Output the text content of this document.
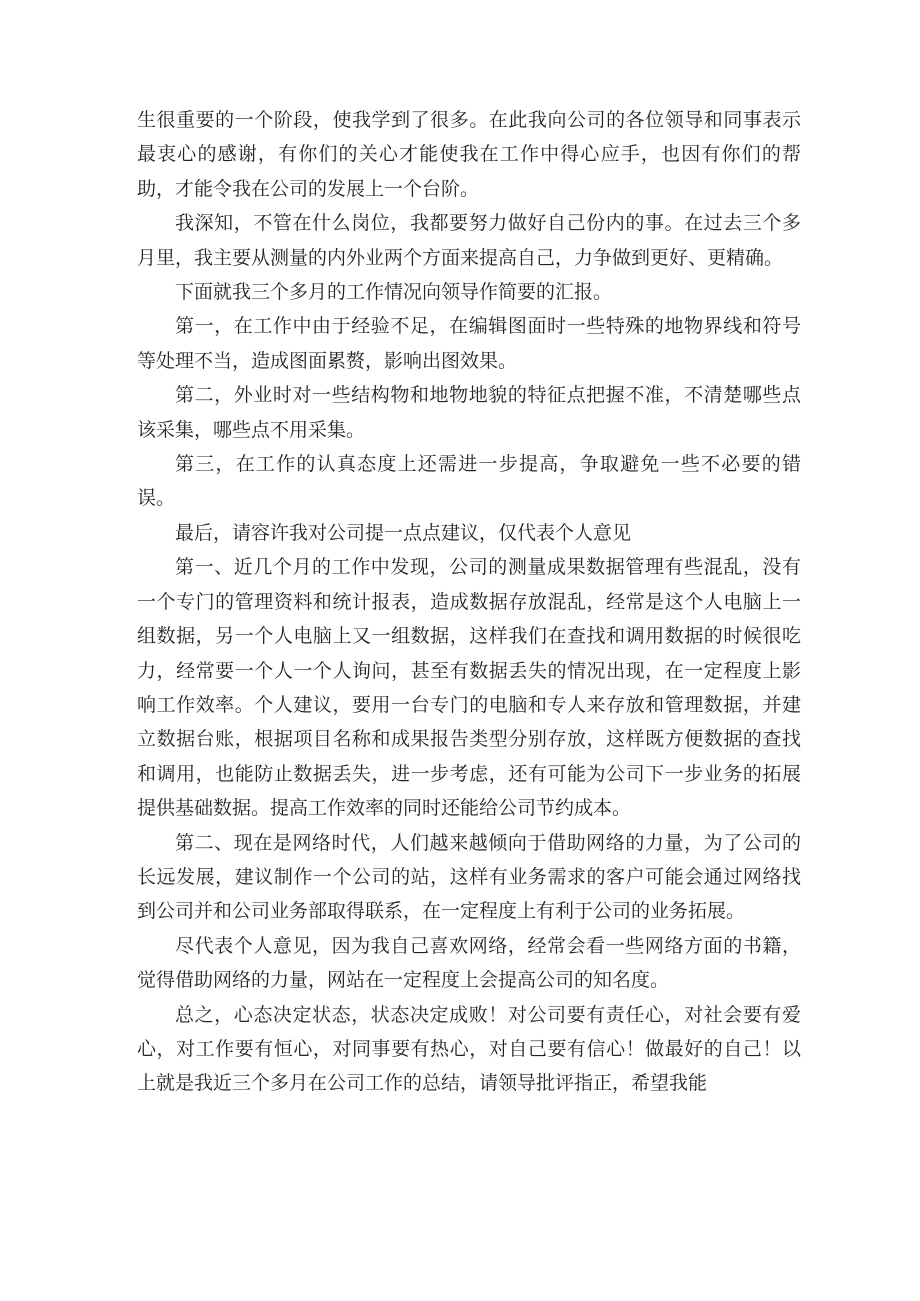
生很重要的一个阶段，使我学到了很多。在此我向公司的各位领导和同事表示最衷心的感谢，有你们的关心才能使我在工作中得心应手，也因有你们的帮助，才能令我在公司的发展上一个台阶。

我深知，不管在什么岗位，我都要努力做好自己份内的事。在过去三个多月里，我主要从测量的内外业两个方面来提高自己，力争做到更好、更精确。

下面就我三个多月的工作情况向领导作简要的汇报。

第一，在工作中由于经验不足，在编辑图面时一些特殊的地物界线和符号等处理不当，造成图面累赘，影响出图效果。

第二，外业时对一些结构物和地物地貌的特征点把握不准，不清楚哪些点该采集，哪些点不用采集。

第三，在工作的认真态度上还需进一步提高，争取避免一些不必要的错误。

最后，请容许我对公司提一点点建议，仅代表个人意见

第一、近几个月的工作中发现，公司的测量成果数据管理有些混乱，没有一个专门的管理资料和统计报表，造成数据存放混乱，经常是这个人电脑上一组数据，另一个人电脑上又一组数据，这样我们在查找和调用数据的时候很吃力，经常要一个人一个人询问，甚至有数据丢失的情况出现，在一定程度上影响工作效率。个人建议，要用一台专门的电脑和专人来存放和管理数据，并建立数据台账，根据项目名称和成果报告类型分别存放，这样既方便数据的查找和调用，也能防止数据丢失，进一步考虑，还有可能为公司下一步业务的拓展提供基础数据。提高工作效率的同时还能给公司节约成本。

第二、现在是网络时代，人们越来越倾向于借助网络的力量，为了公司的长远发展，建议制作一个公司的站，这样有业务需求的客户可能会通过网络找到公司并和公司业务部取得联系，在一定程度上有利于公司的业务拓展。

尽代表个人意见，因为我自己喜欢网络，经常会看一些网络方面的书籍，觉得借助网络的力量，网站在一定程度上会提高公司的知名度。

总之，心态决定状态，状态决定成败！对公司要有责任心，对社会要有爱心，对工作要有恒心，对同事要有热心，对自己要有信心！做最好的自己！以上就是我近三个多月在公司工作的总结，请领导批评指正，希望我能
